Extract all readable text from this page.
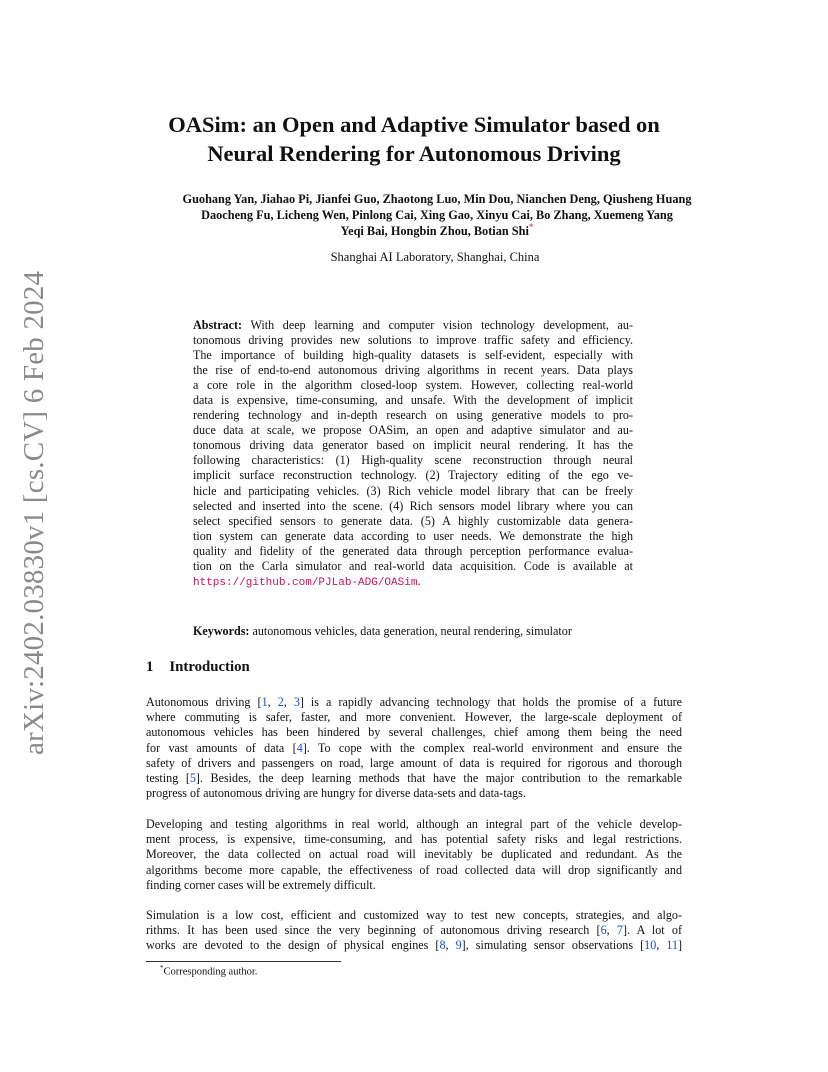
arXiv:2402.03830v1 [cs.CV] 6 Feb 2024
OASim: an Open and Adaptive Simulator based on
Neural Rendering for Autonomous Driving
Guohang Yan, Jiahao Pi, Jianfei Guo, Zhaotong Luo, Min Dou, Nianchen Deng, Qiusheng Huang
Daocheng Fu, Licheng Wen, Pinlong Cai, Xing Gao, Xinyu Cai, Bo Zhang, Xuemeng Yang
Yeqi Bai, Hongbin Zhou, Botian Shi*
Shanghai AI Laboratory, Shanghai, China
Abstract: With deep learning and computer vision technology development, au-
tonomous driving provides new solutions to improve traffic safety and efficiency.
The importance of building high-quality datasets is self-evident, especially with
the rise of end-to-end autonomous driving algorithms in recent years. Data plays
a core role in the algorithm closed-loop system. However, collecting real-world
data is expensive, time-consuming, and unsafe. With the development of implicit
rendering technology and in-depth research on using generative models to pro-
duce data at scale, we propose OASim, an open and adaptive simulator and au-
tonomous driving data generator based on implicit neural rendering. It has the
following characteristics: (1) High-quality scene reconstruction through neural
implicit surface reconstruction technology. (2) Trajectory editing of the ego ve-
hicle and participating vehicles. (3) Rich vehicle model library that can be freely
selected and inserted into the scene. (4) Rich sensors model library where you can
select specified sensors to generate data. (5) A highly customizable data genera-
tion system can generate data according to user needs. We demonstrate the high
quality and fidelity of the generated data through perception performance evalua-
tion on the Carla simulator and real-world data acquisition. Code is available at
https://github.com/PJLab-ADG/OASim.
Keywords: autonomous vehicles, data generation, neural rendering, simulator
1 Introduction
Autonomous driving [1, 2, 3] is a rapidly advancing technology that holds the promise of a future
where commuting is safer, faster, and more convenient. However, the large-scale deployment of
autonomous vehicles has been hindered by several challenges, chief among them being the need
for vast amounts of data [4]. To cope with the complex real-world environment and ensure the
safety of drivers and passengers on road, large amount of data is required for rigorous and thorough
testing [5]. Besides, the deep learning methods that have the major contribution to the remarkable
progress of autonomous driving are hungry for diverse data-sets and data-tags.
Developing and testing algorithms in real world, although an integral part of the vehicle develop-
ment process, is expensive, time-consuming, and has potential safety risks and legal restrictions.
Moreover, the data collected on actual road will inevitably be duplicated and redundant. As the
algorithms become more capable, the effectiveness of road collected data will drop significantly and
finding corner cases will be extremely difficult.
Simulation is a low cost, efficient and customized way to test new concepts, strategies, and algo-
rithms. It has been used since the very beginning of autonomous driving research [6, 7]. A lot of
works are devoted to the design of physical engines [8, 9], simulating sensor observations [10, 11]
*Corresponding author.
